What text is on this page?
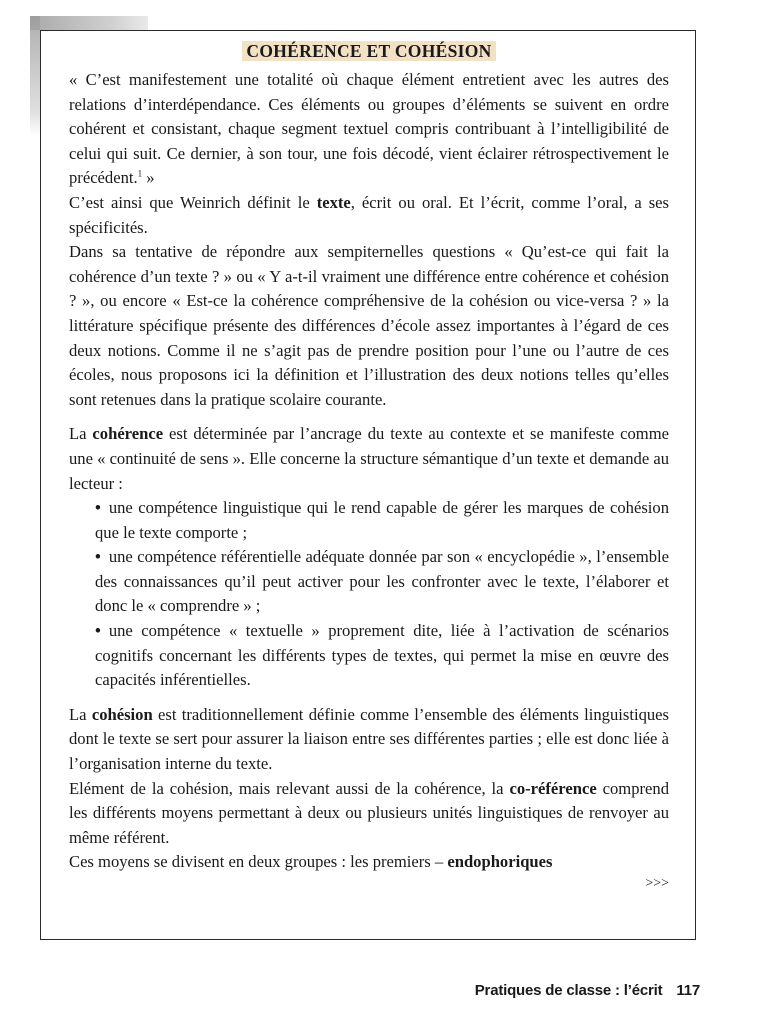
COHÉRENCE ET COHÉSION

« C’est manifestement une totalité où chaque élément entretient avec les autres des relations d’interdépendance. Ces éléments ou groupes d’éléments se suivent en ordre cohérent et consistant, chaque segment textuel compris contribuant à l’intelligibilité de celui qui suit. Ce dernier, à son tour, une fois décodé, vient éclairer rétrospectivement le précédent.$^1$ »

C’est ainsi que Weinrich définit le texte, écrit ou oral. Et l’écrit, comme l’oral, a ses spécificités.

Dans sa tentative de répondre aux sempiternelles questions « Qu’est-ce qui fait la cohérence d’un texte ? » ou « Y a-t-il vraiment une différence entre cohérence et cohésion ? », ou encore « Est-ce la cohérence compréhensive de la cohésion ou vice-versa ? » la littérature spécifique présente des différences d’école assez importantes à l’égard de ces deux notions. Comme il ne s’agit pas de prendre position pour l’une ou l’autre de ces écoles, nous proposons ici la définition et l’illustration des deux notions telles qu’elles sont retenues dans la pratique scolaire courante.

La cohérence est déterminée par l’ancrage du texte au contexte et se manifeste comme une « continuité de sens ». Elle concerne la structure sémantique d’un texte et demande au lecteur :

• une compétence linguistique qui le rend capable de gérer les marques de cohésion que le texte comporte ;
• une compétence référentielle adéquate donnée par son « encyclopédie », l’ensemble des connaissances qu’il peut activer pour les confronter avec le texte, l’élaborer et donc le « comprendre » ;
• une compétence « textuelle » proprement dite, liée à l’activation de scénarios cognitifs concernant les différents types de textes, qui permet la mise en œuvre des capacités inférentielles.

La cohésion est traditionnellement définie comme l’ensemble des éléments linguistiques dont le texte se sert pour assurer la liaison entre ses différentes parties ; elle est donc liée à l’organisation interne du texte.

Elément de la cohésion, mais relevant aussi de la cohérence, la co-référence comprend les différents moyens permettant à deux ou plusieurs unités linguistiques de renvoyer au même référent.

Ces moyens se divisent en deux groupes : les premiers – endophoriques

>>>
Pratiques de classe : l’écrit 117
